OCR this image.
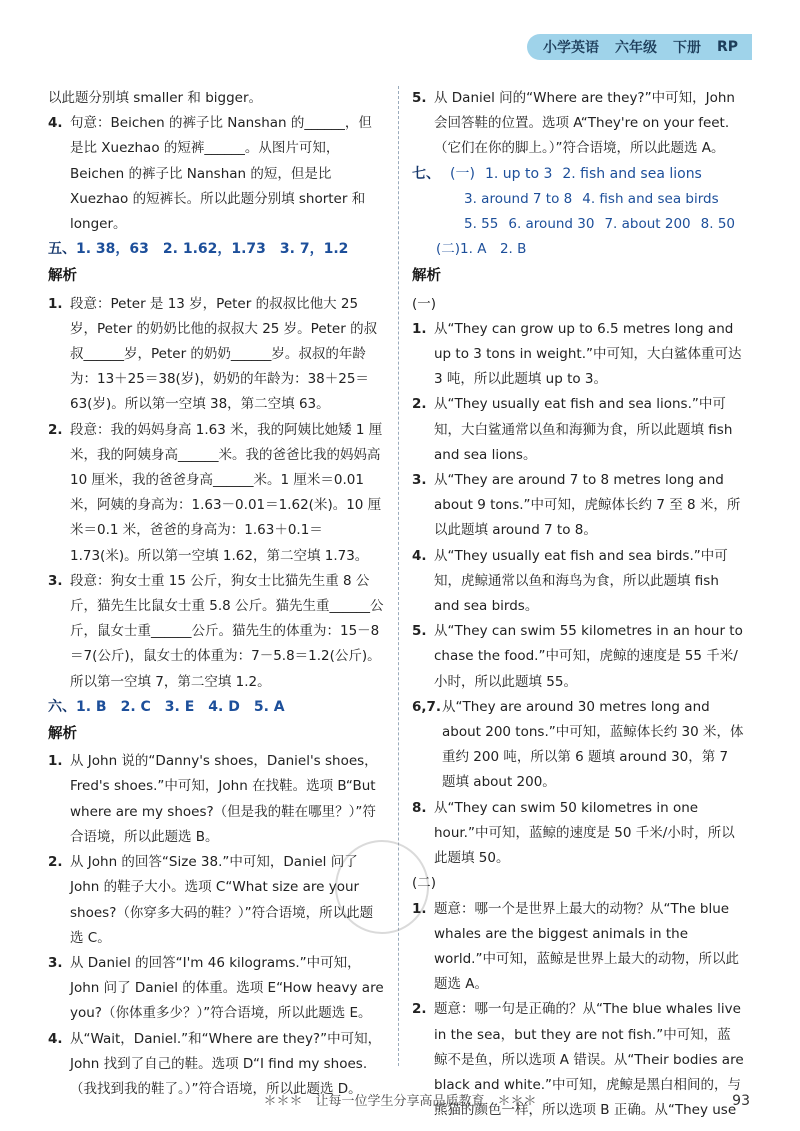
小学英语 六年级 下册 RP

以此题分别填 smaller 和 bigger。

4. 句意：Beichen 的裤子比 Nanshan 的______，但是比 Xuezhao 的短裤______。从图片可知，Beichen 的裤子比 Nanshan 的短，但是比 Xuezhao 的短裤长。所以此题分别填 shorter 和 longer。
五、1. 38，63　2. 1.62，1.73　3. 7，1.2
解析
1. 段意：Peter 是 13 岁，Peter 的叔叔比他大 25 岁，Peter 的奶奶比他的叔叔大 25 岁。Peter 的叔叔______岁，Peter 的奶奶______岁。叔叔的年龄为：13＋25＝38(岁)，奶奶的年龄为：38＋25＝63(岁)。所以第一空填 38，第二空填 63。
2. 段意：我的妈妈身高 1.63 米，我的阿姨比她矮 1 厘米，我的阿姨身高______米。我的爸爸比我的妈妈高 10 厘米，我的爸爸身高______米。1 厘米＝0.01 米，阿姨的身高为：1.63－0.01＝1.62(米)。10 厘米＝0.1 米，爸爸的身高为：1.63＋0.1＝1.73(米)。所以第一空填 1.62，第二空填 1.73。
3. 段意：狗女士重 15 公斤，狗女士比猫先生重 8 公斤，猫先生比鼠女士重 5.8 公斤。猫先生重______公斤，鼠女士重______公斤。猫先生的体重为：15－8＝7(公斤)，鼠女士的体重为：7－5.8＝1.2(公斤)。所以第一空填 7，第二空填 1.2。
六、1. B　2. C　3. E　4. D　5. A
解析
1. 从 John 说的“Danny's shoes，Daniel's shoes，Fred's shoes.”中可知，John 在找鞋。选项 B“But where are my shoes?（但是我的鞋在哪里？）”符合语境，所以此题选 B。
2. 从 John 的回答“Size 38.”中可知，Daniel 问了 John 的鞋子大小。选项 C“What size are your shoes?（你穿多大码的鞋？）”符合语境，所以此题选 C。
3. 从 Daniel 的回答“I'm 46 kilograms.”中可知，John 问了 Daniel 的体重。选项 E“How heavy are you?（你体重多少？）”符合语境，所以此题选 E。
4. 从“Wait，Daniel.”和“Where are they?”中可知，John 找到了自己的鞋。选项 D“I find my shoes.（我找到我的鞋了。）”符合语境，所以此题选 D。
5. 从 Daniel 问的“Where are they?”中可知，John 会回答鞋的位置。选项 A“They're on your feet.（它们在你的脚上。）”符合语境，所以此题选 A。
七、 (一) 1. up to 3 2. fish and sea lions
3. around 7 to 8 4. fish and sea birds
5. 55 6. around 30 7. about 200 8. 50
(二)1. A　2. B
解析
(一)
1. 从“They can grow up to 6.5 metres long and up to 3 tons in weight.”中可知，大白鲨体重可达 3 吨，所以此题填 up to 3。
2. 从“They usually eat fish and sea lions.”中可知，大白鲨通常以鱼和海狮为食，所以此题填 fish and sea lions。
3. 从“They are around 7 to 8 metres long and about 9 tons.”中可知，虎鲸体长约 7 至 8 米，所以此题填 around 7 to 8。
4. 从“They usually eat fish and sea birds.”中可知，虎鲸通常以鱼和海鸟为食，所以此题填 fish and sea birds。
5. 从“They can swim 55 kilometres in an hour to chase the food.”中可知，虎鲸的速度是 55 千米/小时，所以此题填 55。
6,7. 从“They are around 30 metres long and about 200 tons.”中可知，蓝鲸体长约 30 米，体重约 200 吨，所以第 6 题填 around 30，第 7 题填 about 200。
8. 从“They can swim 50 kilometres in one hour.”中可知，蓝鲸的速度是 50 千米/小时，所以此题填 50。
(二)
1. 题意：哪一个是世界上最大的动物？从“The blue whales are the biggest animals in the world.”中可知，蓝鲸是世界上最大的动物，所以此题选 A。
2. 题意：哪一句是正确的？从“The blue whales live in the sea，but they are not fish.”中可知，蓝鲸不是鱼，所以选项 A 错误。从“Their bodies are black and white.”中可知，虎鲸是黑白相间的，与熊猫的颜色一样，所以选项 B 正确。从“They use
＊＊＊　让每一位学生分享高品质教育　＊＊＊	93
